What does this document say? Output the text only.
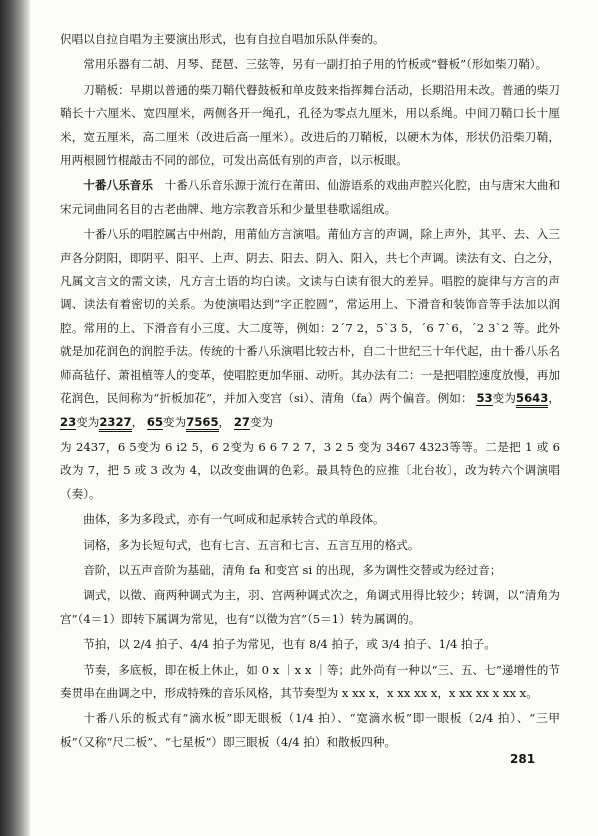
伬唱以自拉自唱为主要演出形式，也有自拉自唱加乐队伴奏的。

常用乐器有二胡、月琴、琵琶、三弦等，另有一副打拍子用的竹板或“瞽板”（形如柴刀鞘）。

刀鞘板：早期以普通的柴刀鞘代瞽鼓板和单皮鼓来指挥舞台活动，长期沿用未改。普通的柴刀鞘长十六厘米、宽四厘米，两侧各开一绳孔，孔径为零点九厘米，用以系绳。中间刀鞘口长十厘米，宽五厘米，高二厘米（改进后高一厘米）。改进后的刀鞘板，以硬木为体，形状仍沿柴刀鞘，用两根圆竹棍敲击不同的部位，可发出高低有别的声音，以示板眼。

十番八乐音乐　十番八乐音乐源于流行在莆田、仙游语系的戏曲声腔兴化腔，由与唐宋大曲和宋元词曲同名目的古老曲牌、地方宗教音乐和少量里巷歌谣组成。

十番八乐的唱腔属古中州韵，用莆仙方言演唱。莆仙方言的声调，除上声外，其平、去、入三声各分阴阳，即阴平、阳平、上声、阴去、阳去、阴入、阳入，共七个声调。读法有文、白之分，凡属文言文的需文读，凡方言土语的均白读。文读与白读有很大的差异。唱腔的旋律与方言的声调、读法有着密切的关系。为使演唱达到“字正腔圆”，常运用上、下滑音和装饰音等手法加以润腔。常用的上、下滑音有小三度、大二度等，例如：2ˊ7 2，5ˋ3 5，ˊ6 7ˋ6，ˊ2 3ˋ2 等。此外就是加花润色的润腔手法。传统的十番八乐演唱比较古朴，自二十世纪三十年代起，由十番八乐名师高毡仔、萧祖植等人的变革，使唱腔更加华丽、动听。其办法有二：一是把唱腔速度放慢，再加花润色，民间称为“折板加花”，并加入变宫（si）、清角（fa）两个偏音。例如： 53变为5643， 23变为2327， 65变为7565， 27变为

为 2437，6 5变为 6 i2 5，6 2变为 6 6 7 2 7，3 2 5 变为 3467 4323等等。二是把 1 或 6 改为 7，把 5 或 3 改为 4，以改变曲调的色彩。最具特色的应推〔北台妆〕，改为转六个调演唱（奏）。

曲体，多为多段式，亦有一气呵成和起承转合式的单段体。

词格，多为长短句式，也有七言、五言和七言、五言互用的格式。

音阶，以五声音阶为基础，清角 fa 和变宫 si 的出现，多为调性交替或为经过音；

调式，以徵、商两种调式为主，羽、宫两种调式次之，角调式用得比较少；转调，以“清角为宫”（4＝1）即转下属调为常见，也有“以徵为宫”（5＝1）转为属调的。

节拍，以 2/4 拍子、4/4 拍子为常见，也有 8/4 拍子，或 3/4 拍子、1/4 拍子。

节奏，多底板，即在板上休止，如 0 x ｜x x ｜等；此外尚有一种以“三、五、七”递增性的节奏贯串在曲调之中，形成特殊的音乐风格，其节奏型为 x xx x，x xx xx x，x xx xx x xx x。

十番八乐的板式有“滴水板”即无眼板（1/4 拍）、“宽滴水板”即一眼板（2/4 拍）、“三甲板”（又称“尺二板”、“七星板”）即三眼板（4/4 拍）和散板四种。

281
